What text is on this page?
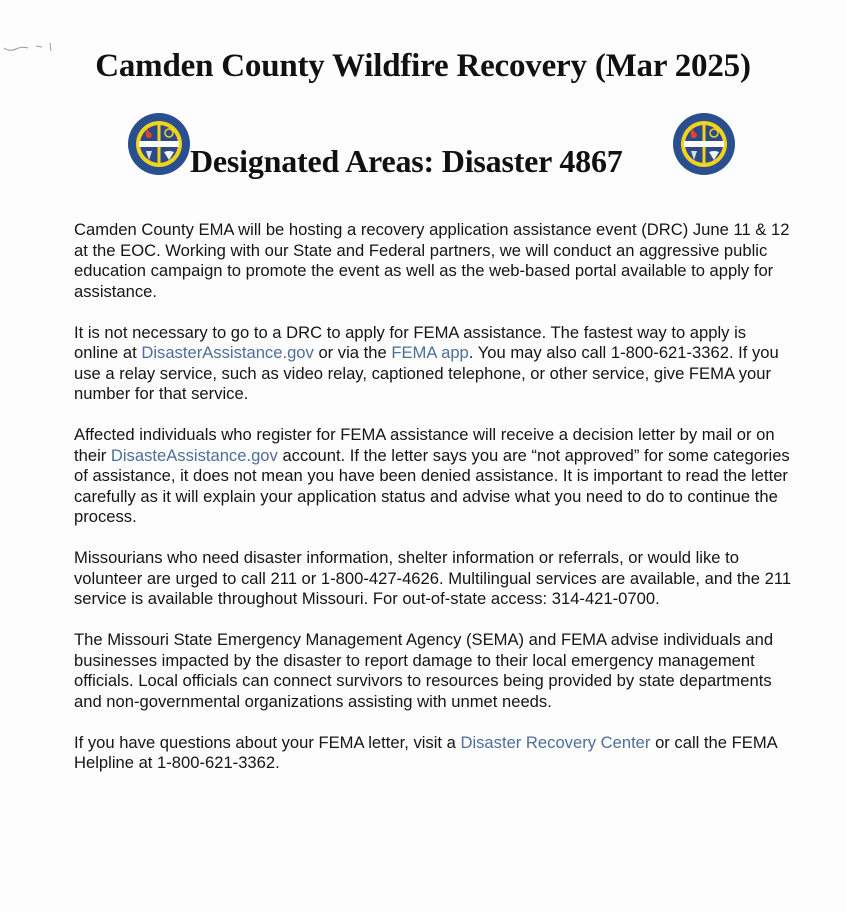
Camden County Wildfire Recovery (Mar 2025)
Designated Areas: Disaster 4867

Camden County EMA will be hosting a recovery application assistance event (DRC) June 11 & 12 at the EOC. Working with our State and Federal partners, we will conduct an aggressive public education campaign to promote the event as well as the web-based portal available to apply for assistance.

It is not necessary to go to a DRC to apply for FEMA assistance. The fastest way to apply is online at DisasterAssistance.gov or via the FEMA app. You may also call 1-800-621-3362. If you use a relay service, such as video relay, captioned telephone, or other service, give FEMA your number for that service.

Affected individuals who register for FEMA assistance will receive a decision letter by mail or on their DisasteAssistance.gov account. If the letter says you are “not approved” for some categories of assistance, it does not mean you have been denied assistance. It is important to read the letter carefully as it will explain your application status and advise what you need to do to continue the process.

Missourians who need disaster information, shelter information or referrals, or would like to volunteer are urged to call 211 or 1-800-427-4626. Multilingual services are available, and the 211 service is available throughout Missouri. For out-of-state access: 314-421-0700.

The Missouri State Emergency Management Agency (SEMA) and FEMA advise individuals and businesses impacted by the disaster to report damage to their local emergency management officials. Local officials can connect survivors to resources being provided by state departments and non-governmental organizations assisting with unmet needs.

If you have questions about your FEMA letter, visit a Disaster Recovery Center or call the FEMA Helpline at 1-800-621-3362.
